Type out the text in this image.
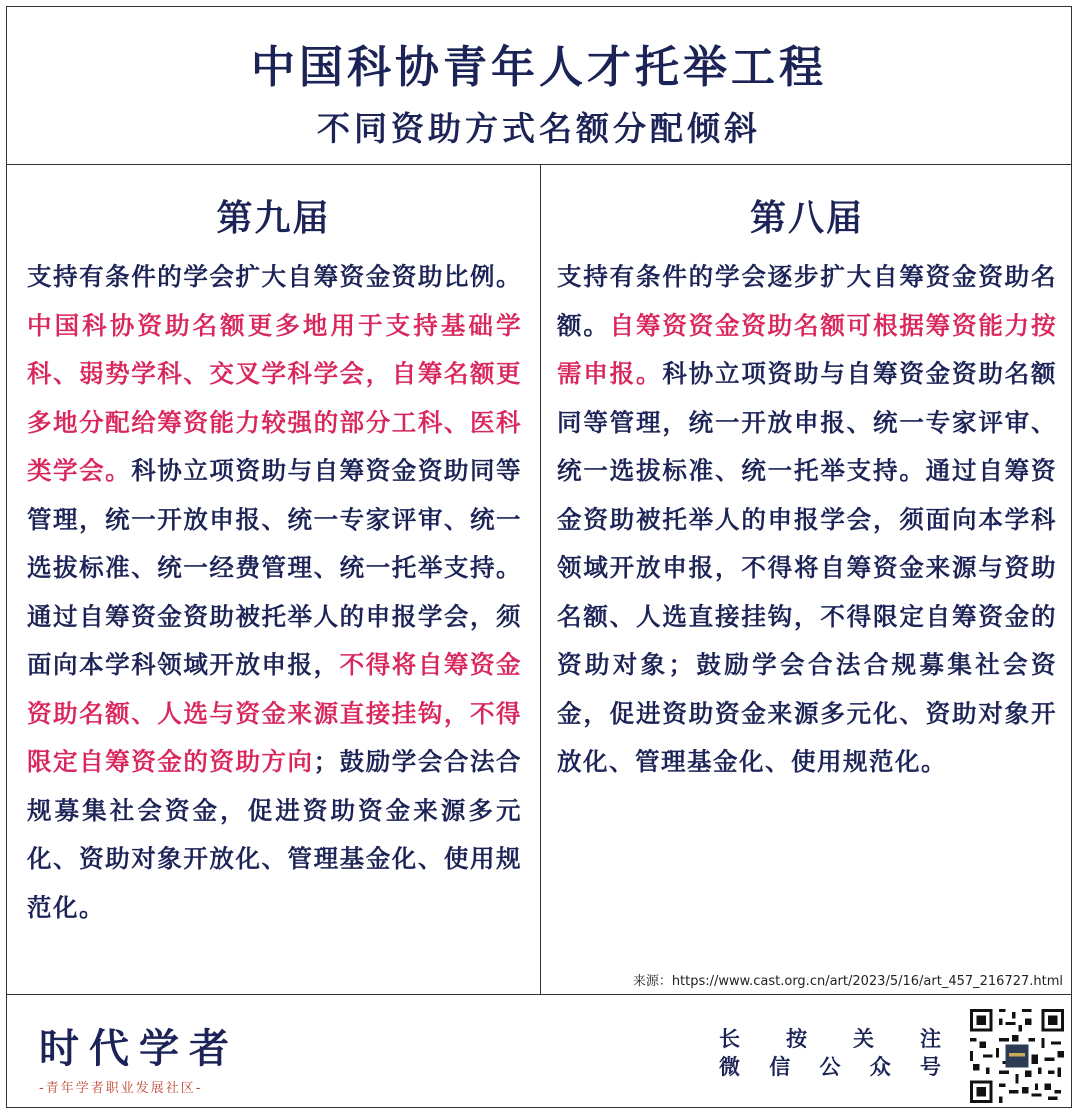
中国科协青年人才托举工程
不同资助方式名额分配倾斜
第九届
支持有条件的学会扩大自筹资金资助比例。中国科协资助名额更多地用于支持基础学科、弱势学科、交叉学科学会，自筹名额更多地分配给筹资能力较强的部分工科、医科类学会。科协立项资助与自筹资金资助同等管理，统一开放申报、统一专家评审、统一选拔标准、统一经费管理、统一托举支持。通过自筹资金资助被托举人的申报学会，须面向本学科领域开放申报，不得将自筹资金资助名额、人选与资金来源直接挂钩，不得限定自筹资金的资助方向；鼓励学会合法合规募集社会资金，促进资助资金来源多元化、资助对象开放化、管理基金化、使用规范化。
第八届
支持有条件的学会逐步扩大自筹资金资助名额。自筹资资金资助名额可根据筹资能力按需申报。科协立项资助与自筹资金资助名额同等管理，统一开放申报、统一专家评审、统一选拔标准、统一托举支持。通过自筹资金资助被托举人的申报学会，须面向本学科领域开放申报，不得将自筹资金来源与资助名额、人选直接挂钩，不得限定自筹资金的资助对象；鼓励学会合法合规募集社会资金，促进资助资金来源多元化、资助对象开放化、管理基金化、使用规范化。
来源：https://www.cast.org.cn/art/2023/5/16/art_457_216727.html
时代学者
-青年学者职业发展社区-
长 按 关 注
微 信 公 众 号
